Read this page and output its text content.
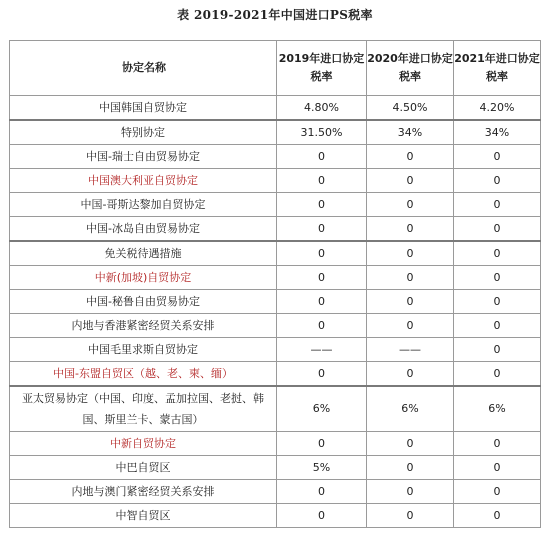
表 2019-2021年中国进口PS税率
协定名称	2019年进口协定税率	2020年进口协定税率	2021年进口协定税率
中国韩国自贸协定	4.80%	4.50%	4.20%
特别协定	31.50%	34%	34%
中国-瑞士自由贸易协定	0	0	0
中国澳大利亚自贸协定	0	0	0
中国-哥斯达黎加自贸协定	0	0	0
中国-冰岛自由贸易协定	0	0	0
免关税待遇措施	0	0	0
中新(加坡)自贸协定	0	0	0
中国-秘鲁自由贸易协定	0	0	0
内地与香港紧密经贸关系安排	0	0	0
中国毛里求斯自贸协定	——	——	0
中国-东盟自贸区（越、老、柬、缅）	0	0	0
亚太贸易协定（中国、印度、孟加拉国、老挝、韩国、斯里兰卡、蒙古国）	6%	6%	6%
中新自贸协定	0	0	0
中巴自贸区	5%	0	0
内地与澳门紧密经贸关系安排	0	0	0
中智自贸区	0	0	0
